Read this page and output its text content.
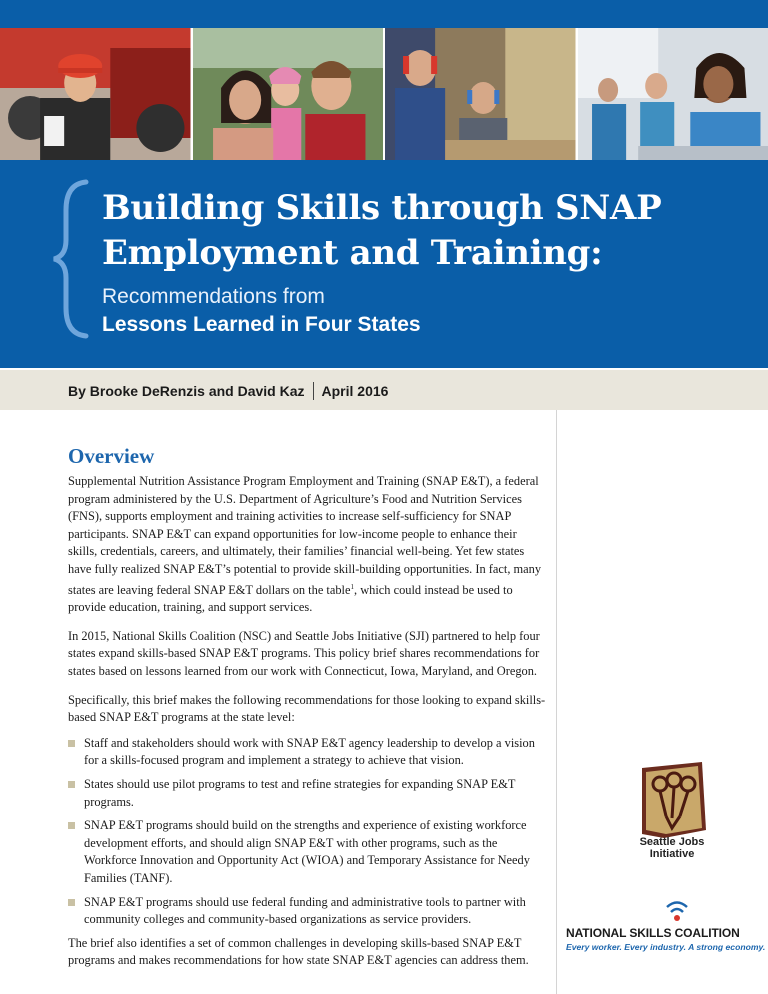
Building Skills through SNAP
Employment and Training:
Recommendations from
Lessons Learned in Four States
By Brooke DeRenzis and David Kaz April 2016
Overview

Supplemental Nutrition Assistance Program Employment and Training (SNAP E&T), a federal program administered by the U.S. Department of Agriculture’s Food and Nutrition Services (FNS), supports employment and training activities to increase self-sufficiency for SNAP participants. SNAP E&T can expand opportunities for low-income people to enhance their skills, credentials, careers, and ultimately, their families’ financial well-being. Yet few states have fully realized SNAP E&T’s potential to provide skill-building opportunities. In fact, many states are leaving federal SNAP E&T dollars on the table$^1$, which could instead be used to provide education, training, and support services.

In 2015, National Skills Coalition (NSC) and Seattle Jobs Initiative (SJI) partnered to help four states expand skills-based SNAP E&T programs. This policy brief shares recommendations for states based on lessons learned from our work with Connecticut, Iowa, Maryland, and Oregon.

Specifically, this brief makes the following recommendations for those looking to expand skills-based SNAP E&T programs at the state level:

Staff and stakeholders should work with SNAP E&T agency leadership to develop a vision for a skills-focused program and implement a strategy to achieve that vision.
States should use pilot programs to test and refine strategies for expanding SNAP E&T programs.
SNAP E&T programs should build on the strengths and experience of existing workforce development efforts, and should align SNAP E&T with other programs, such as the Workforce Innovation and Opportunity Act (WIOA) and Temporary Assistance for Needy Families (TANF).
SNAP E&T programs should use federal funding and administrative tools to partner with community colleges and community-based organizations as service providers.

The brief also identifies a set of common challenges in developing skills-based SNAP E&T programs and makes recommendations for how state SNAP E&T agencies can address them.

Seattle Jobs
Initiative
NATIONAL SKILLS COALITION
Every worker. Every industry. A strong economy.
